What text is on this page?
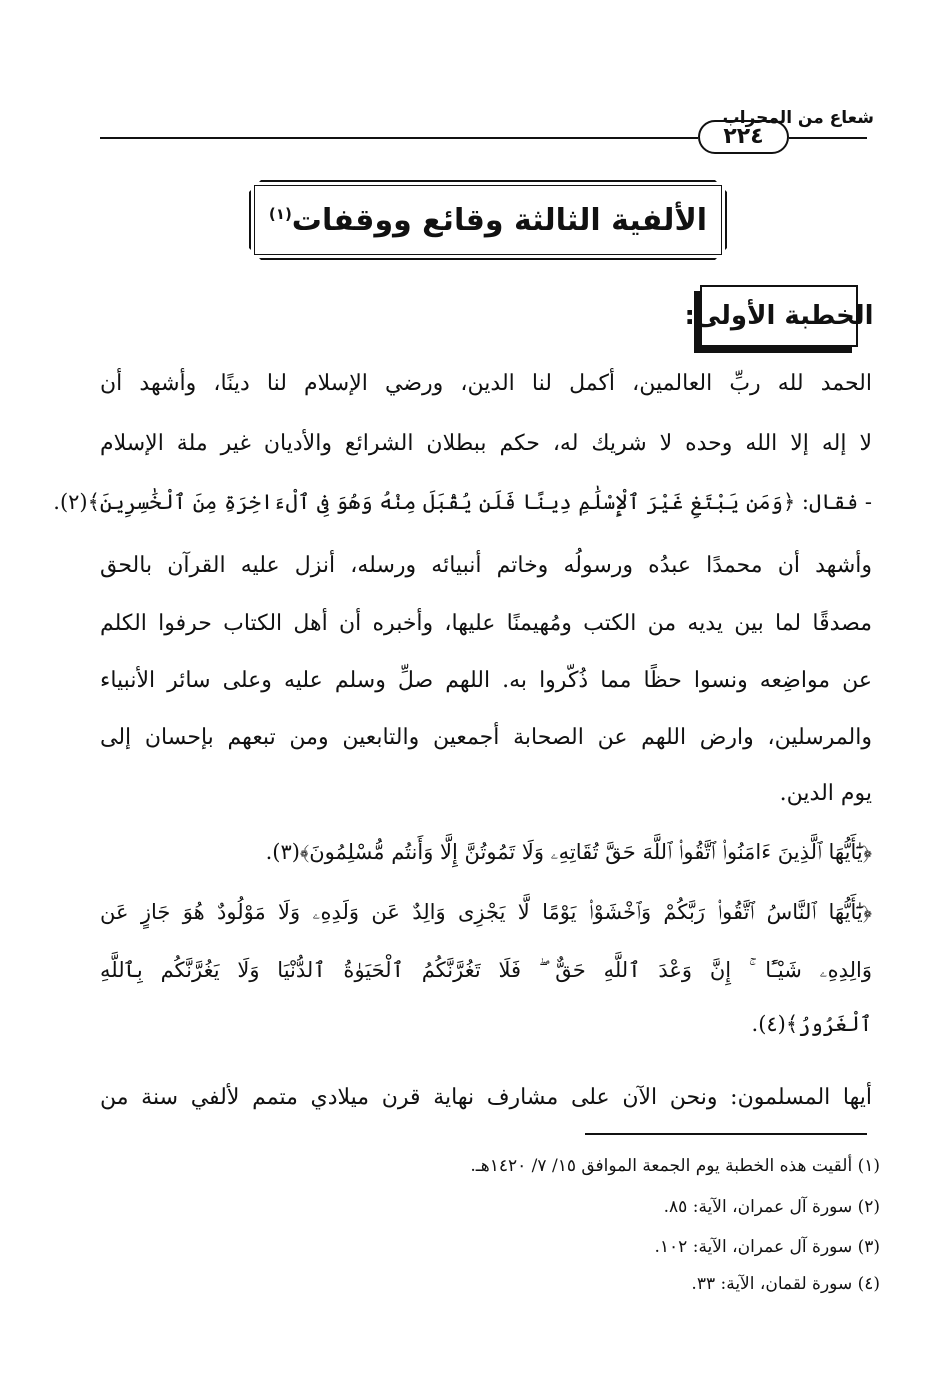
شعاع من المحراب
٢٢٤
الألفية الثالثة وقائع ووقفات$^{(١)}$
الخطبة الأولى:
الحمد لله ربِّ العالمين، أكمل لنا الدين، ورضي الإسلام لنا دينًا، وأشهد أن
لا إله إلا الله وحده لا شريك له، حكم ببطلان الشرائع والأديان غير ملة الإسلام
- فقال: ﴿وَمَن يَبْتَغِ غَيْرَ ٱلْإِسْلَٰمِ دِينًا فَلَن يُقْبَلَ مِنْهُ وَهُوَ فِى ٱلْءَاخِرَةِ مِنَ ٱلْخَٰسِرِينَ﴾(٢).
وأشهد أن محمدًا عبدُه ورسولُه وخاتم أنبيائه ورسله، أنزل عليه القرآن بالحق
مصدقًا لما بين يديه من الكتب ومُهيمنًا عليها، وأخبره أن أهل الكتاب حرفوا الكلم
عن مواضِعه ونسوا حظًا مما ذُكّروا به. اللهم صلِّ وسلم عليه وعلى سائر الأنبياء
والمرسلين، وارض اللهم عن الصحابة أجمعين والتابعين ومن تبعهم بإحسان إلى
يوم الدين.
﴿يَٰٓأَيُّهَا ٱلَّذِينَ ءَامَنُوا۟ ٱتَّقُوا۟ ٱللَّهَ حَقَّ تُقَاتِهِۦ وَلَا تَمُوتُنَّ إِلَّا وَأَنتُم مُّسْلِمُونَ﴾(٣).
﴿يَٰٓأَيُّهَا ٱلنَّاسُ ٱتَّقُوا۟ رَبَّكُمْ وَٱخْشَوْا۟ يَوْمًا لَّا يَجْزِى وَالِدٌ عَن وَلَدِهِۦ وَلَا مَوْلُودٌ هُوَ جَازٍ عَن
وَالِدِهِۦ شَيْـًٔا ۚ إِنَّ وَعْدَ ٱللَّهِ حَقٌّ ۖ فَلَا تَغُرَّنَّكُمُ ٱلْحَيَوٰةُ ٱلدُّنْيَا وَلَا يَغُرَّنَّكُم بِٱللَّهِ
ٱلْغَرُورُ﴾(٤).
أيها المسلمون: ونحن الآن على مشارف نهاية قرن ميلادي متمم لألفي سنة من
(١) ألقيت هذه الخطبة يوم الجمعة الموافق ١٥/ ٧/ ١٤٢٠هـ.
(٢) سورة آل عمران، الآية: ٨٥.
(٣) سورة آل عمران، الآية: ١٠٢.
(٤) سورة لقمان، الآية: ٣٣.
